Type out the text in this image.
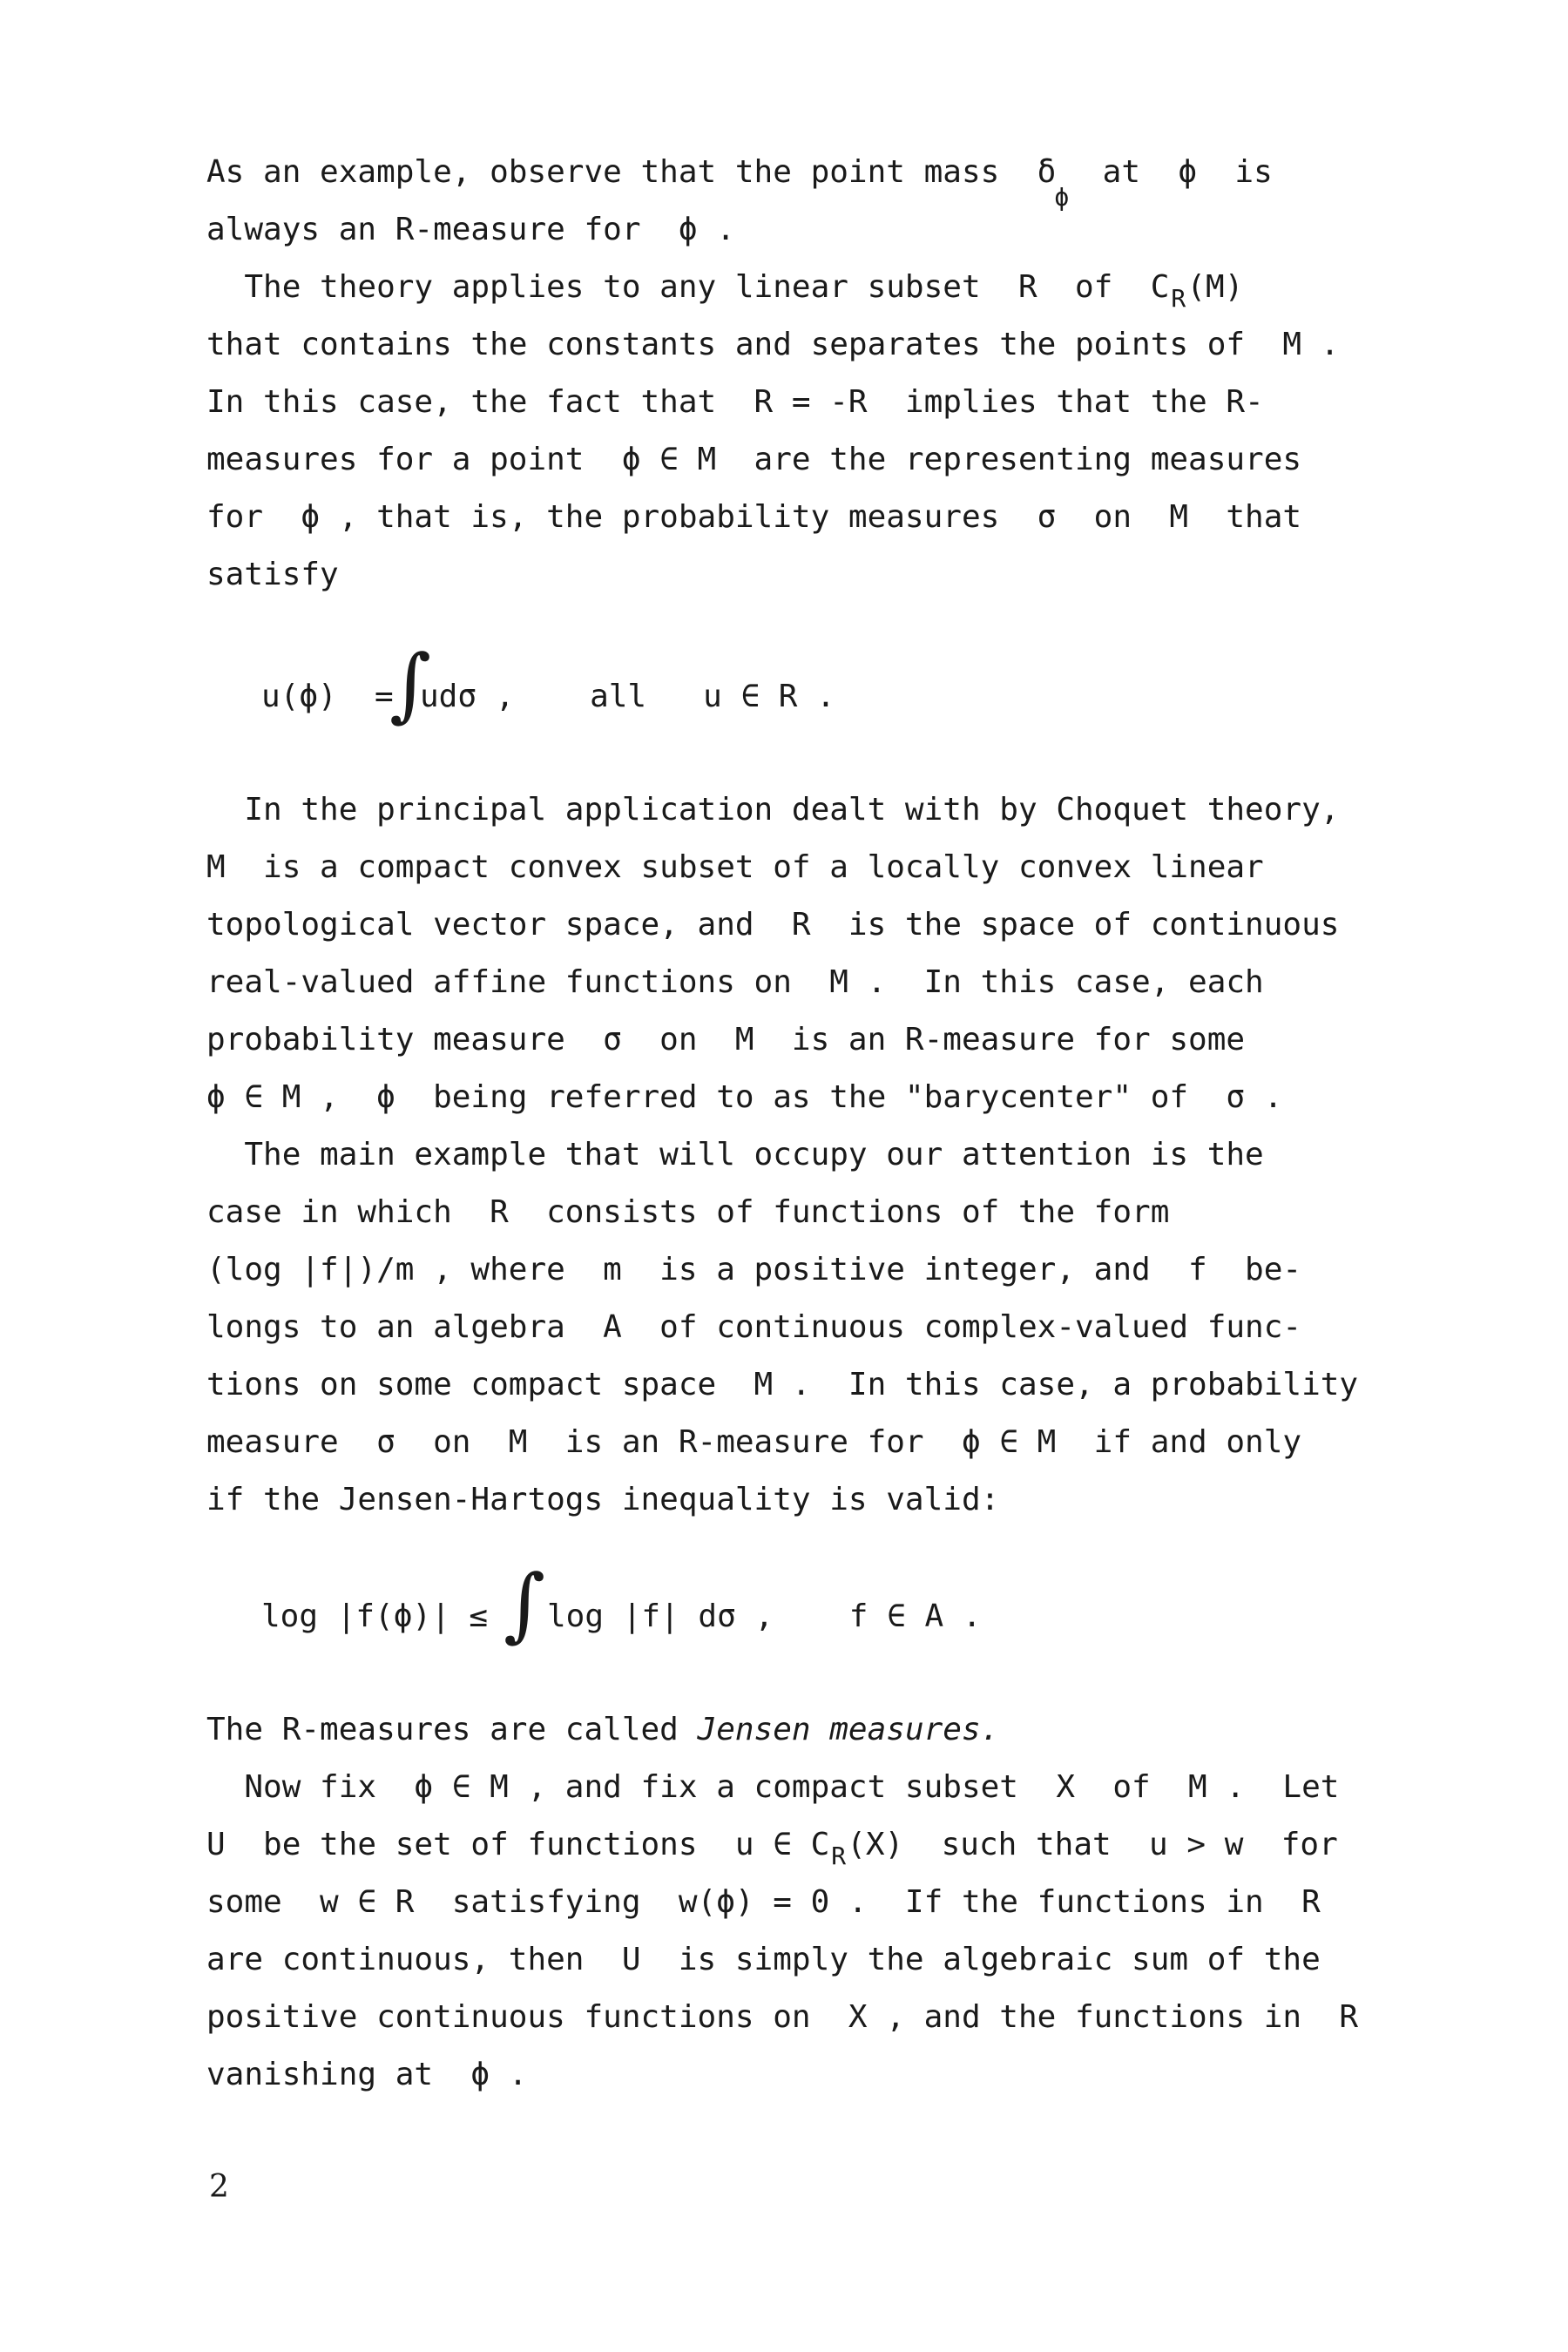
As an example, observe that the point mass  δ
ϕ
at  ϕ  is

always an R-measure for  ϕ .

The theory applies to any linear subset  R  of  C R (M)

that contains the constants and separates the points of  M .

In this case, the fact that  R = -R  implies that the R-

measures for a point  ϕ ∈ M  are the representing measures

for  ϕ , that is, the probability measures  σ  on  M  that

satisfy

u(ϕ)  =

∫

udσ ,    all   u ∈ R .

In the principal application dealt with by Choquet theory,

M  is a compact convex subset of a locally convex linear

topological vector space, and  R  is the space of continuous

real-valued affine functions on  M .  In this case, each

probability measure  σ  on  M  is an R-measure for some

ϕ ∈ M ,  ϕ  being referred to as the "barycenter" of  σ .

The main example that will occupy our attention is the

case in which  R  consists of functions of the form

(log |f|)/m , where  m  is a positive integer, and  f  be-

longs to an algebra  A  of continuous complex-valued func-

tions on some compact space  M .  In this case, a probability

measure  σ  on  M  is an R-measure for  ϕ ∈ M  if and only

if the Jensen-Hartogs inequality is valid:

log |f(ϕ)| ≤

∫ log |f| dσ ,    f ∈ A .

The R-measures are called Jensen measures.

Now fix  ϕ ∈ M , and fix a compact subset  X  of  M .  Let

U  be the set of functions  u ∈ C R (X)  such that  u > w  for

some  w ∈ R  satisfying  w(ϕ) = 0 .  If the functions in  R

are continuous, then  U  is simply the algebraic sum of the

positive continuous functions on  X , and the functions in  R

vanishing at  ϕ .

2
